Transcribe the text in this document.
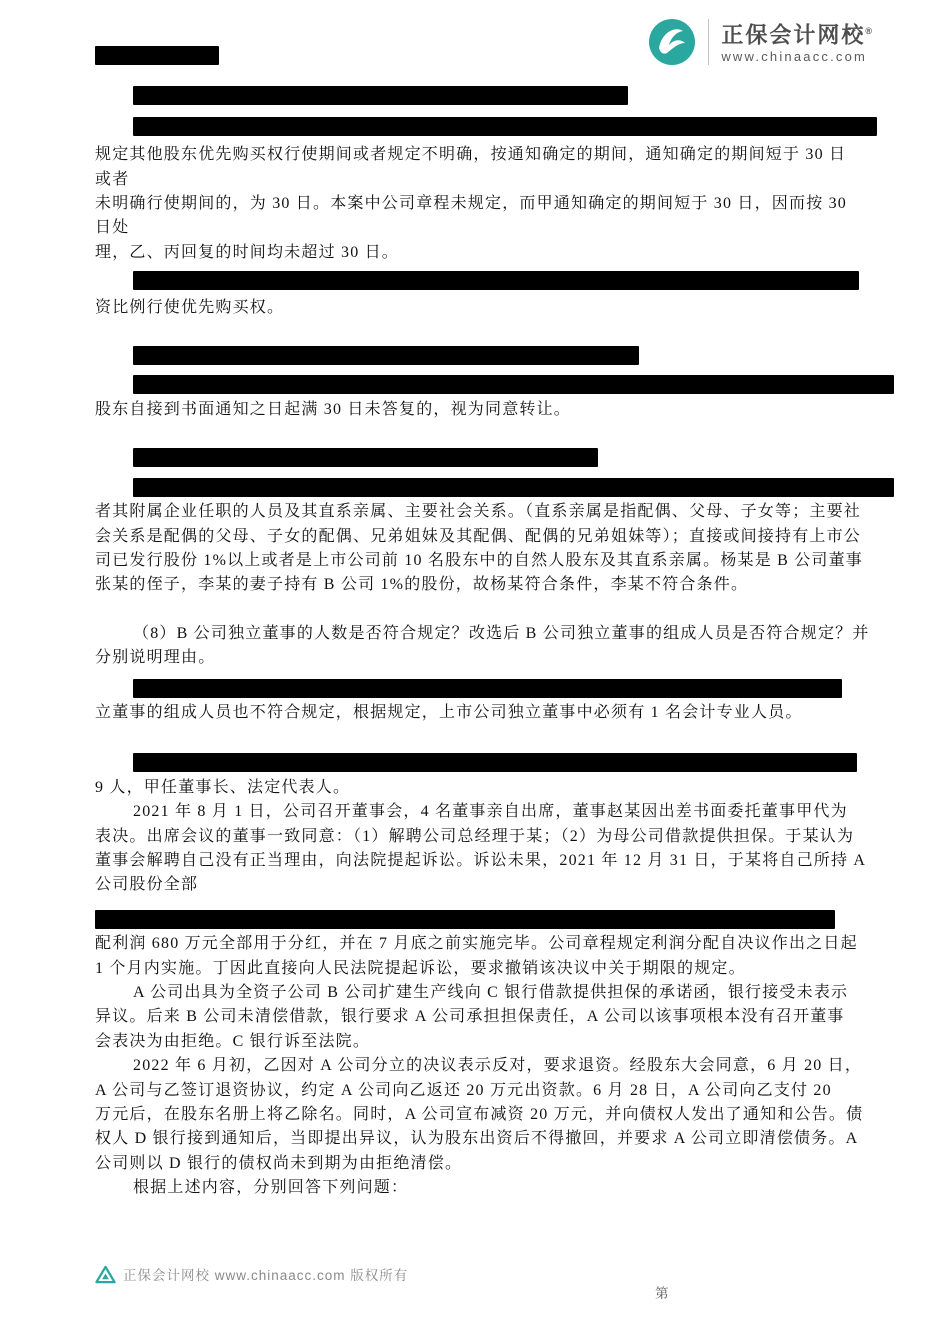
正保会计网校®
www.chinaacc.com
六、案例分析题
（4）甲通知确定的优先购买权行使期间是否成立？并说明理由。
『正确答案』成立。根据规定，公司章程对优先购买权的行使期间有规定的从其规定；公司章程未
规定其他股东优先购买权行使期间或者规定不明确，按通知确定的期间，通知确定的期间短于 30 日
或者
未明确行使期间的，为 30 日。本案中公司章程未规定，而甲通知确定的期间短于 30 日，因而按 30
日处
理，乙、丙回复的时间均未超过 30 日。
『正确答案』乙、丙均主张优先购买时，协商确定购买比例；协商不成的，按照转让时各自的出
资比例行使优先购买权。
（6）丁、戊 30 日都未作答复将产生何种法律效果？并说明理由。
『正确答案』视为同意转让。根据规定，股东应就其股权转让事项书面通知其他股东征求同意，其他
股东自接到书面通知之日起满 30 日未答复的，视为同意转让。
（7）杨某和李某能否担任 B 公司的独立董事？并说明理由。
『正确答案』杨某可以，李某不能。根据规定，下列人员不得担任上市公司独立董事：在上市公司或
者其附属企业任职的人员及其直系亲属、主要社会关系。（直系亲属是指配偶、父母、子女等；主要社
会关系是配偶的父母、子女的配偶、兄弟姐妹及其配偶、配偶的兄弟姐妹等）；直接或间接持有上市公
司已发行股份 1%以上或者是上市公司前 10 名股东中的自然人股东及其直系亲属。杨某是 B 公司董事
张某的侄子，李某的妻子持有 B 公司 1%的股份，故杨某符合条件，李某不符合条件。
（8）B 公司独立董事的人数是否符合规定？改选后 B 公司独立董事的组成人员是否符合规定？并
分别说明理由。
『正确答案』第一，人数不符合规定，上市公司董事会中应当至少有 1/3 独立董事；第二，独
立董事的组成人员也不符合规定，根据规定，上市公司独立董事中必须有 1 名会计专业人员。
【例题·案例分析题 3】A 公司是由甲、乙、丙、丁等 50 人出资设立的股份有限公司。公司董事
9 人，甲任董事长、法定代表人。
2021 年 8 月 1 日，公司召开董事会，4 名董事亲自出席，董事赵某因出差书面委托董事甲代为
表决。出席会议的董事一致同意：（1）解聘公司总经理于某；（2）为母公司借款提供担保。于某认为
董事会解聘自己没有正当理由，向法院提起诉讼。诉讼未果，2021 年 12 月 31 日，于某将自己所持 A
公司股份全部
公司股东大会于 2022 年 4 月 1 日就 2021 年度利润分配方案作出决议，决定将公司该年度的可分
配利润 680 万元全部用于分红，并在 7 月底之前实施完毕。公司章程规定利润分配自决议作出之日起
1 个月内实施。丁因此直接向人民法院提起诉讼，要求撤销该决议中关于期限的规定。
A 公司出具为全资子公司 B 公司扩建生产线向 C 银行借款提供担保的承诺函，银行接受未表示
异议。后来 B 公司未清偿借款，银行要求 A 公司承担担保责任，A 公司以该事项根本没有召开董事
会表决为由拒绝。C 银行诉至法院。
2022 年 6 月初，乙因对 A 公司分立的决议表示反对，要求退资。经股东大会同意，6 月 20 日，
A 公司与乙签订退资协议，约定 A 公司向乙返还 20 万元出资款。6 月 28 日，A 公司向乙支付 20
万元后，在股东名册上将乙除名。同时，A 公司宣布减资 20 万元，并向债权人发出了通知和公告。债
权人 D 银行接到通知后，当即提出异议，认为股东出资后不得撤回，并要求 A 公司立即清偿债务。A
公司则以 D 银行的债权尚未到期为由拒绝清偿。
根据上述内容，分别回答下列问题：
正保会计网校 www.chinaacc.com 版权所有
第
